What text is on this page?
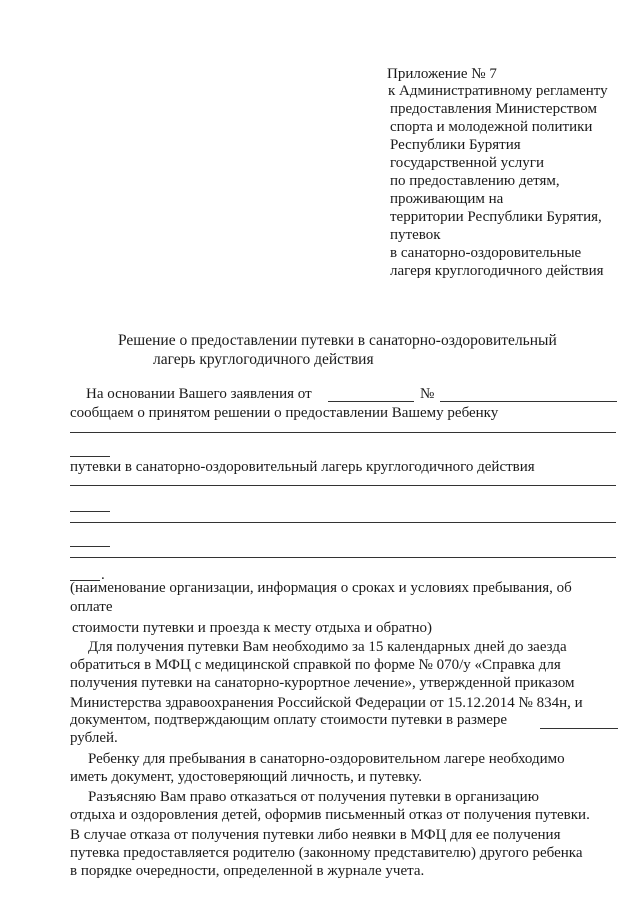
Приложение № 7
к Административному регламенту
предоставления Министерством
спорта и молодежной политики
Республики Бурятия
государственной услуги
по предоставлению детям,
проживающим на
территории Республики Бурятия,
путевок
в санаторно-оздоровительные
лагеря круглогодичного действия
Решение о предоставлении путевки в санаторно-оздоровительный
лагерь круглогодичного действия
На основании Вашего заявления от	№
сообщаем о принятом решении о предоставлении Вашему ребенку
путевки в санаторно-оздоровительный лагерь круглогодичного действия
.
(наименование организации, информация о сроках и условиях пребывания, об
оплате
стоимости путевки и проезда к месту отдыха и обратно)
Для получения путевки Вам необходимо за 15 календарных дней до заезда
обратиться в МФЦ с медицинской справкой по форме № 070/у «Справка для
получения путевки на санаторно-курортное лечение», утвержденной приказом
Министерства здравоохранения Российской Федерации от 15.12.2014 № 834н, и
документом, подтверждающим оплату стоимости путевки в размере
рублей.
Ребенку для пребывания в санаторно-оздоровительном лагере необходимо
иметь документ, удостоверяющий личность, и путевку.
Разъясняю Вам право отказаться от получения путевки в организацию
отдыха и оздоровления детей, оформив письменный отказ от получения путевки.
В случае отказа от получения путевки либо неявки в МФЦ для ее получения
путевка предоставляется родителю (законному представителю) другого ребенка
в порядке очередности, определенной в журнале учета.
